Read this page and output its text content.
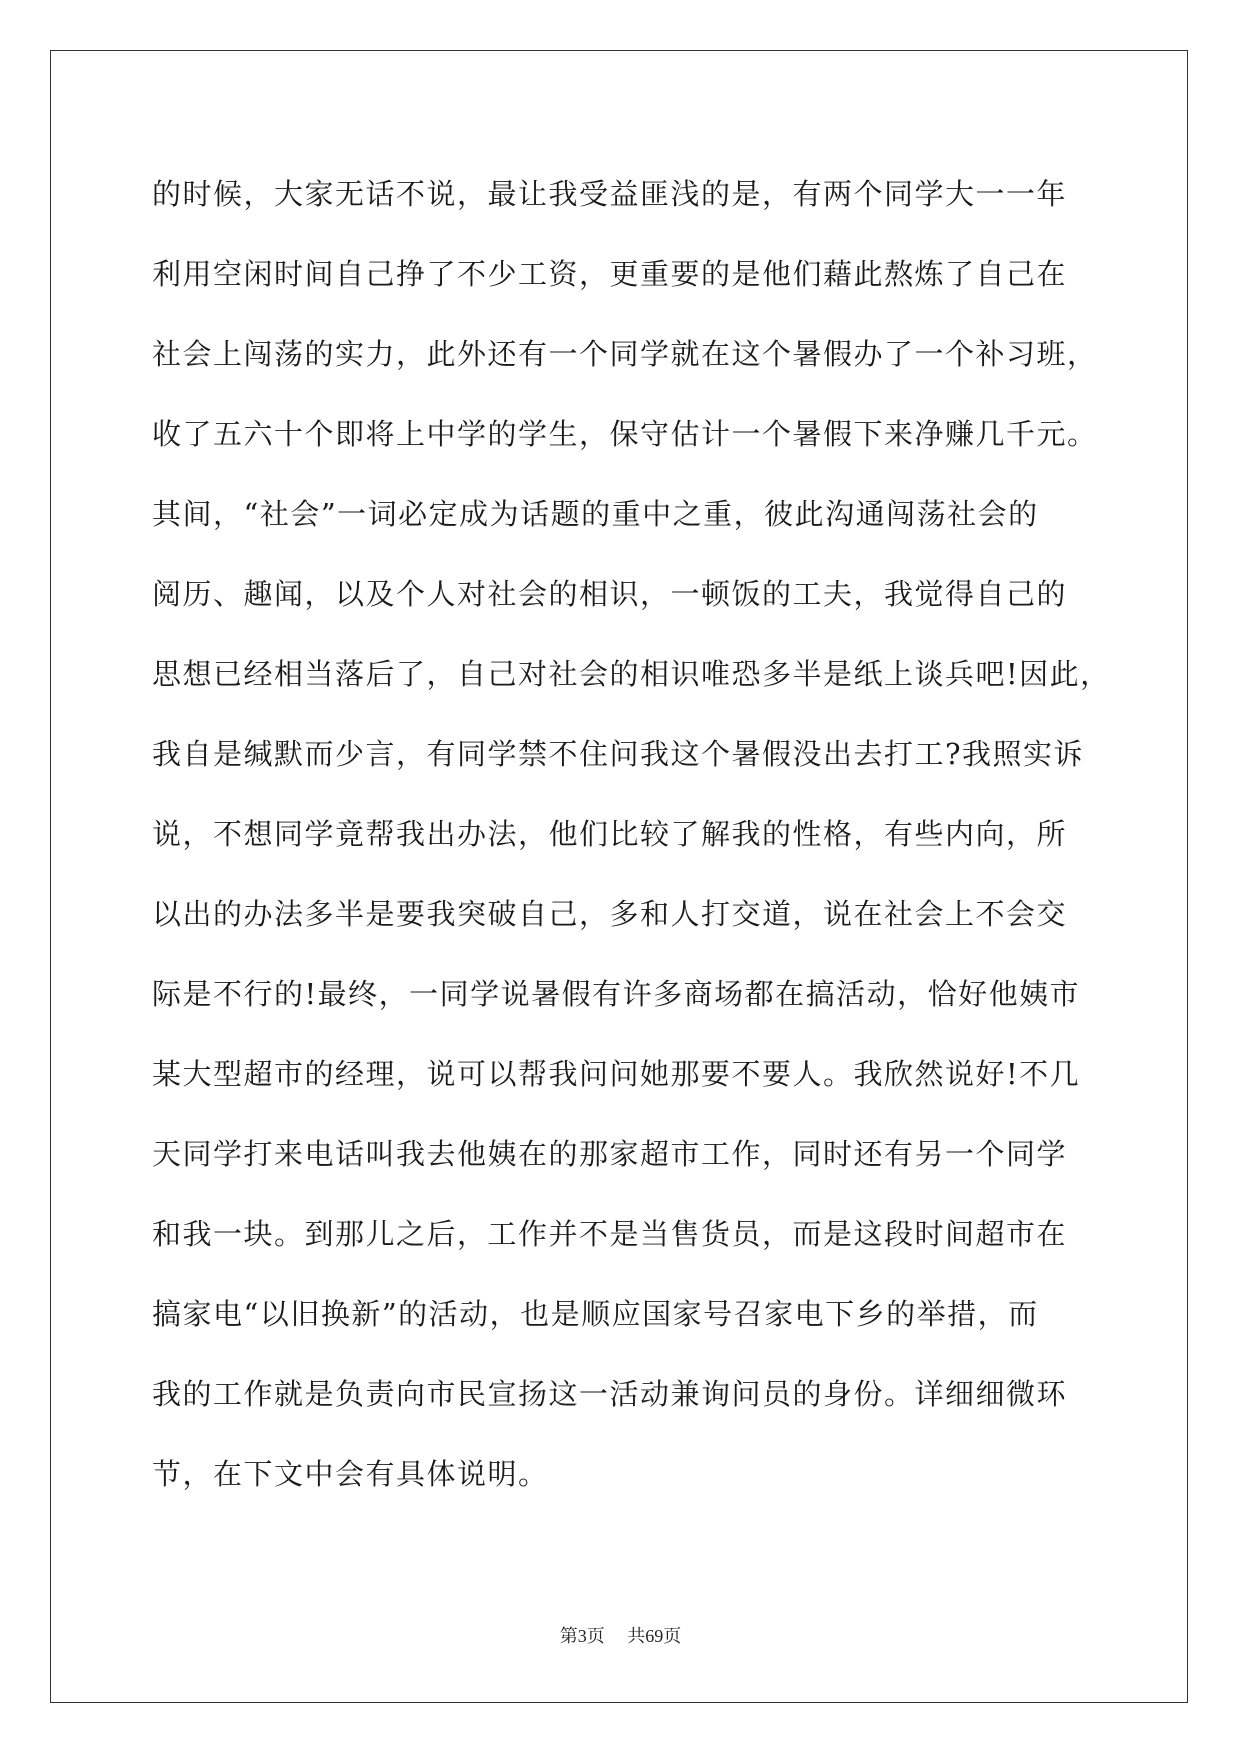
的时候，大家无话不说，最让我受益匪浅的是，有两个同学大一一年
利用空闲时间自己挣了不少工资，更重要的是他们藉此熬炼了自己在
社会上闯荡的实力，此外还有一个同学就在这个暑假办了一个补习班，
收了五六十个即将上中学的学生，保守估计一个暑假下来净赚几千元。
其间，“社会”一词必定成为话题的重中之重，彼此沟通闯荡社会的
阅历、趣闻，以及个人对社会的相识，一顿饭的工夫，我觉得自己的
思想已经相当落后了，自己对社会的相识唯恐多半是纸上谈兵吧!因此，
我自是缄默而少言，有同学禁不住问我这个暑假没出去打工?我照实诉
说，不想同学竟帮我出办法，他们比较了解我的性格，有些内向，所
以出的办法多半是要我突破自己，多和人打交道，说在社会上不会交
际是不行的!最终，一同学说暑假有许多商场都在搞活动，恰好他姨市
某大型超市的经理，说可以帮我问问她那要不要人。我欣然说好!不几
天同学打来电话叫我去他姨在的那家超市工作，同时还有另一个同学
和我一块。到那儿之后，工作并不是当售货员，而是这段时间超市在
搞家电“以旧换新”的活动，也是顺应国家号召家电下乡的举措，而
我的工作就是负责向市民宣扬这一活动兼询问员的身份。详细细微环
节，在下文中会有具体说明。
第3页 共69页
